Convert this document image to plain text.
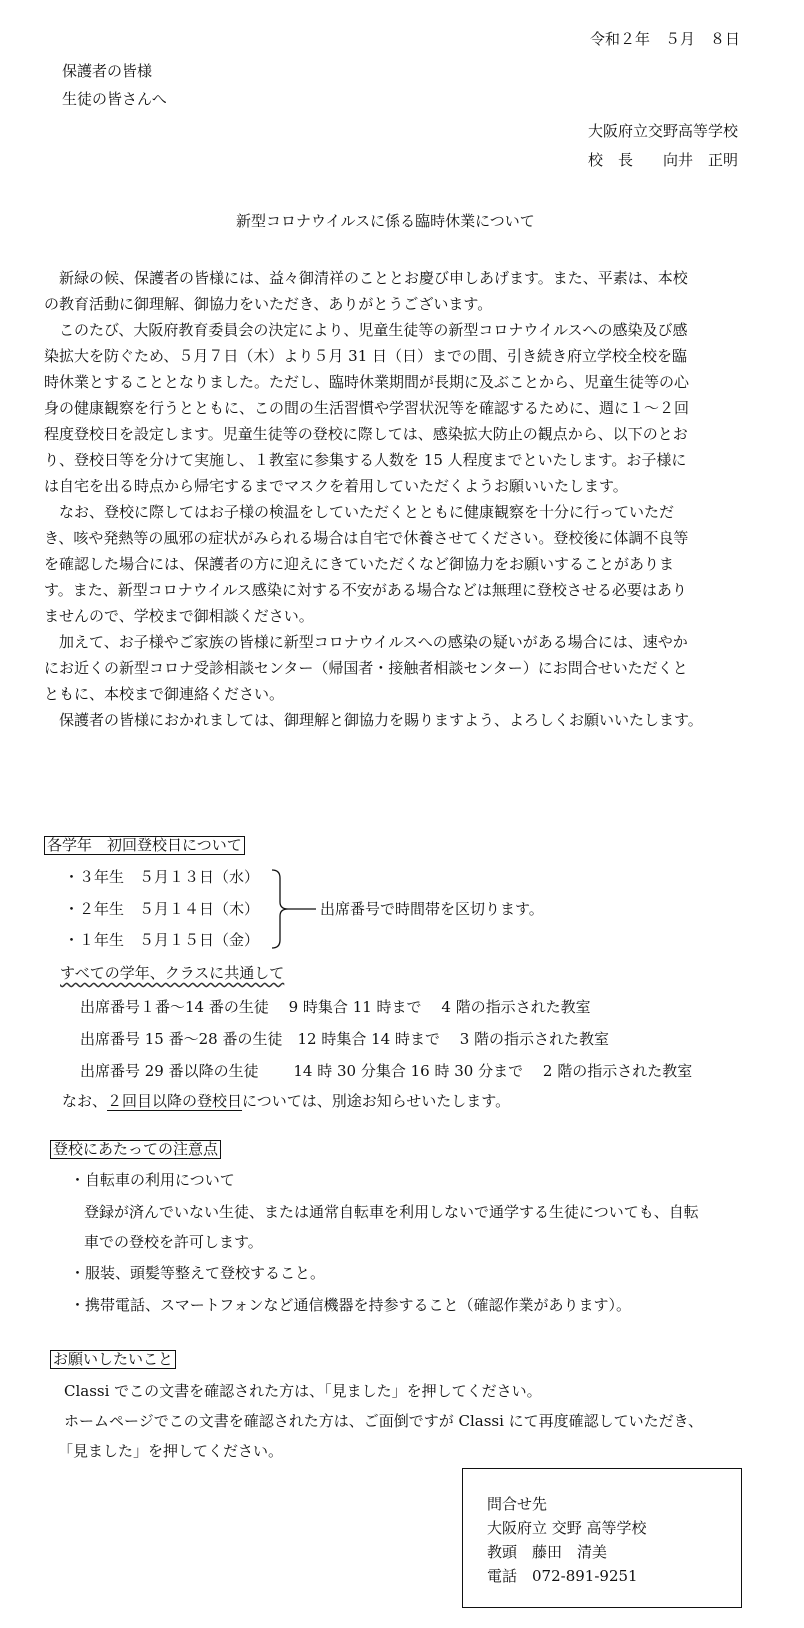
令和２年　５月　８日
保護者の皆様
生徒の皆さんへ
大阪府立交野高等学校
校　長　　向井　正明
新型コロナウイルスに係る臨時休業について
　新緑の候、保護者の皆様には、益々御清祥のこととお慶び申しあげます。また、平素は、本校
の教育活動に御理解、御協力をいただき、ありがとうございます。
　このたび、大阪府教育委員会の決定により、児童生徒等の新型コロナウイルスへの感染及び感
染拡大を防ぐため、５月７日（木）より５月 31 日（日）までの間、引き続き府立学校全校を臨
時休業とすることとなりました。ただし、臨時休業期間が長期に及ぶことから、児童生徒等の心
身の健康観察を行うとともに、この間の生活習慣や学習状況等を確認するために、週に１～２回
程度登校日を設定します。児童生徒等の登校に際しては、感染拡大防止の観点から、以下のとお
り、登校日等を分けて実施し、１教室に参集する人数を 15 人程度までといたします。お子様に
は自宅を出る時点から帰宅するまでマスクを着用していただくようお願いいたします。
　なお、登校に際してはお子様の検温をしていただくとともに健康観察を十分に行っていただ
き、咳や発熱等の風邪の症状がみられる場合は自宅で休養させてください。登校後に体調不良等
を確認した場合には、保護者の方に迎えにきていただくなど御協力をお願いすることがありま
す。また、新型コロナウイルス感染に対する不安がある場合などは無理に登校させる必要はあり
ませんので、学校まで御相談ください。
　加えて、お子様やご家族の皆様に新型コロナウイルスへの感染の疑いがある場合には、速やか
にお近くの新型コロナ受診相談センター（帰国者・接触者相談センター）にお問合せいただくと
ともに、本校まで御連絡ください。
　保護者の皆様におかれましては、御理解と御協力を賜りますよう、よろしくお願いいたします。
各学年　初回登校日について
・３年生　５月１３日（水）
・２年生　５月１４日（木）
・１年生　５月１５日（金）
出席番号で時間帯を区切ります。
すべての学年、クラスに共通して
出席番号１番～14 番の生徒　 9 時集合 11 時まで　 4 階の指示された教室
出席番号 15 番～28 番の生徒　12 時集合 14 時まで　 3 階の指示された教室
出席番号 29 番以降の生徒　　 14 時 30 分集合 16 時 30 分まで　 2 階の指示された教室
なお、２回目以降の登校日については、別途お知らせいたします。
登校にあたっての注意点
・自転車の利用について
登録が済んでいない生徒、または通常自転車を利用しないで通学する生徒についても、自転
車での登校を許可します。
・服装、頭髪等整えて登校すること。
・携帯電話、スマートフォンなど通信機器を持参すること（確認作業があります）。
お願いしたいこと
Classi でこの文書を確認された方は、「見ました」を押してください。
ホームページでこの文書を確認された方は、ご面倒ですが Classi にて再度確認していただき、
「見ました」を押してください。
問合せ先
大阪府立 交野 高等学校
教頭　藤田　清美
電話　072-891-9251
